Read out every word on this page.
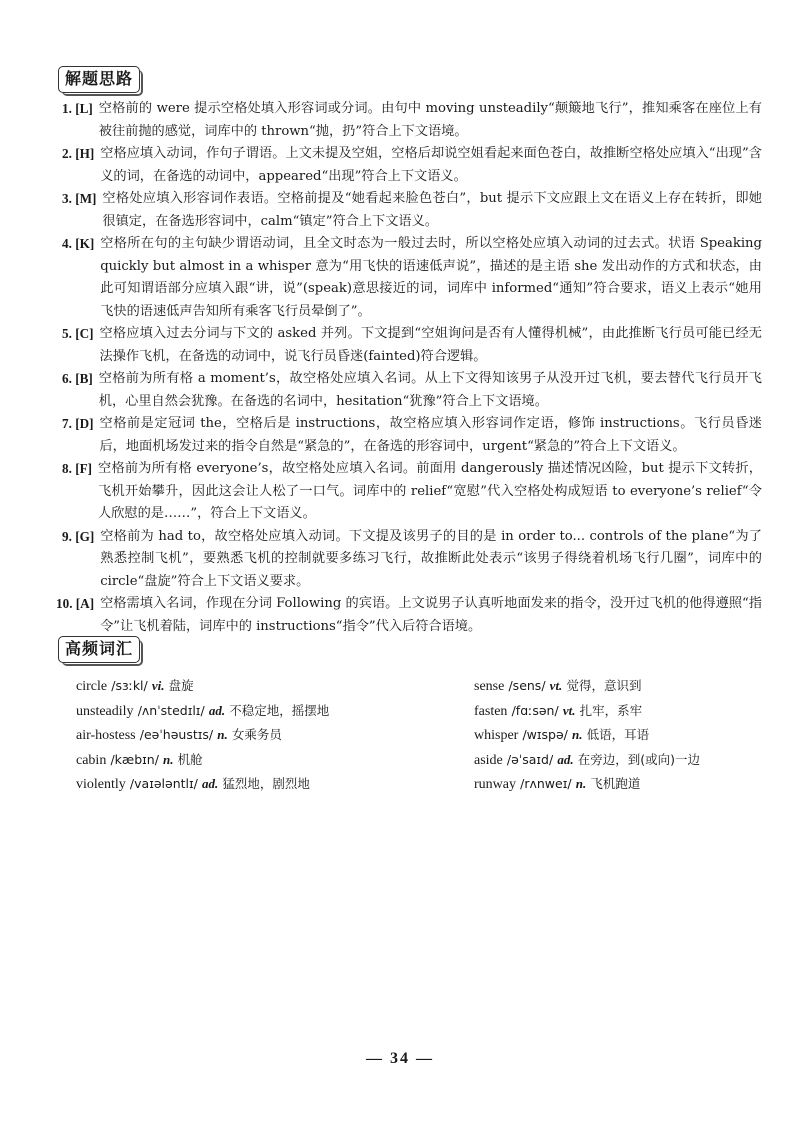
解题思路
1. [L] 空格前的 were 提示空格处填入形容词或分词。由句中 moving unsteadily“颠簸地飞行”，推知乘客在座位上有被往前抛的感觉，词库中的 thrown“抛，扔”符合上下文语境。
2. [H] 空格应填入动词，作句子谓语。上文未提及空姐，空格后却说空姐看起来面色苍白，故推断空格处应填入“出现”含义的词，在备选的动词中，appeared“出现”符合上下文语义。
3. [M] 空格处应填入形容词作表语。空格前提及“她看起来脸色苍白”，but 提示下文应跟上文在语义上存在转折，即她很镇定，在备选形容词中，calm“镇定”符合上下文语义。
4. [K] 空格所在句的主句缺少谓语动词，且全文时态为一般过去时，所以空格处应填入动词的过去式。状语 Speaking quickly but almost in a whisper 意为“用飞快的语速低声说”，描述的是主语 she 发出动作的方式和状态，由此可知谓语部分应填入跟“讲，说”(speak)意思接近的词，词库中 informed“通知”符合要求，语义上表示“她用飞快的语速低声告知所有乘客飞行员晕倒了”。
5. [C] 空格应填入过去分词与下文的 asked 并列。下文提到“空姐询问是否有人懂得机械”，由此推断飞行员可能已经无法操作飞机，在备选的动词中，说飞行员昏迷(fainted)符合逻辑。
6. [B] 空格前为所有格 a moment’s，故空格处应填入名词。从上下文得知该男子从没开过飞机，要去替代飞行员开飞机，心里自然会犹豫。在备选的名词中，hesitation“犹豫”符合上下文语境。
7. [D] 空格前是定冠词 the，空格后是 instructions，故空格应填入形容词作定语，修饰 instructions。飞行员昏迷后，地面机场发过来的指令自然是“紧急的”，在备选的形容词中，urgent“紧急的”符合上下文语义。
8. [F] 空格前为所有格 everyone’s，故空格处应填入名词。前面用 dangerously 描述情况凶险，but 提示下文转折，飞机开始攀升，因此这会让人松了一口气。词库中的 relief“宽慰”代入空格处构成短语 to everyone’s relief“令人欣慰的是……”，符合上下文语义。
9. [G] 空格前为 had to，故空格处应填入动词。下文提及该男子的目的是 in order to... controls of the plane“为了熟悉控制飞机”，要熟悉飞机的控制就要多练习飞行，故推断此处表示“该男子得绕着机场飞行几圈”，词库中的 circle“盘旋”符合上下文语义要求。
10. [A] 空格需填入名词，作现在分词 Following 的宾语。上文说男子认真听地面发来的指令，没开过飞机的他得遵照“指令”让飞机着陆，词库中的 instructions“指令”代入后符合语境。
高频词汇
circle /sɜːkl/ vi. 盘旋
unsteadily /ʌnˈstedɪlɪ/ ad. 不稳定地，摇摆地
air-hostess /eəˈhəustɪs/ n. 女乘务员
cabin /kæbɪn/ n. 机舱
violently /vaɪələntlɪ/ ad. 猛烈地，剧烈地
sense /sens/ vt. 觉得，意识到
fasten /fɑːsən/ vt. 扎牢，系牢
whisper /wɪspə/ n. 低语，耳语
aside /əˈsaɪd/ ad. 在旁边，到(或向)一边
runway /rʌnweɪ/ n. 飞机跑道
— 34 —
